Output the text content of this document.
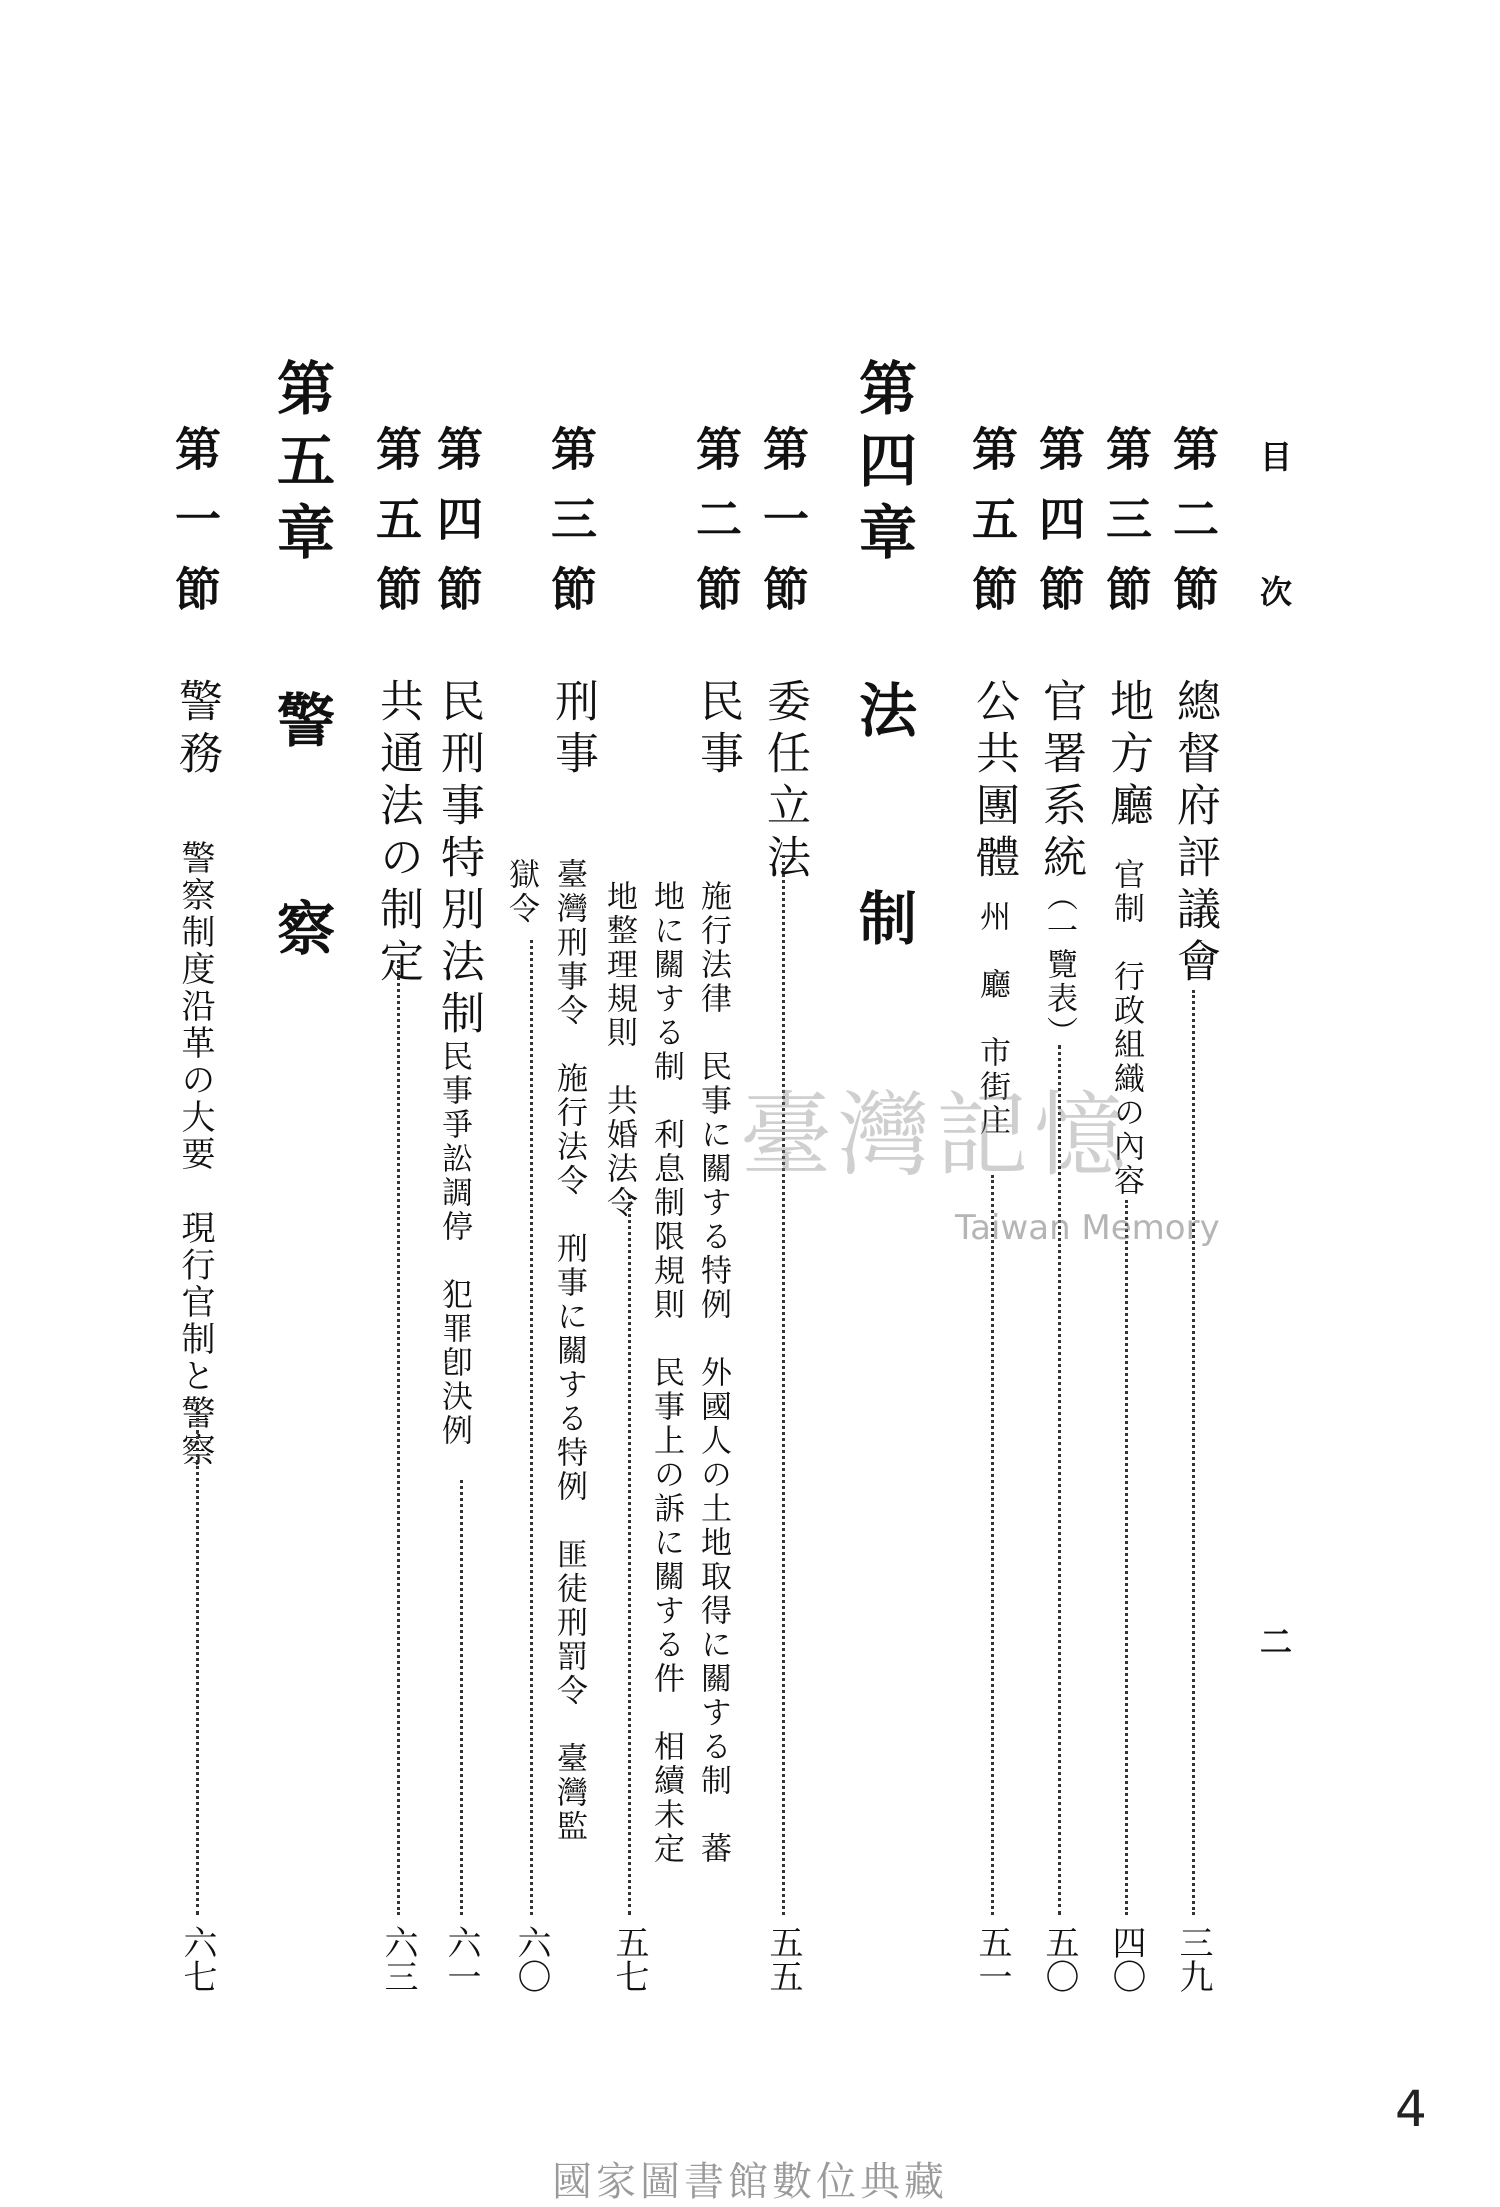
目
次
二
第二節
總督府評議會
三九
第三節
地方廳
官制　行政組織の內容
四〇
第四節
官署系統
（一覽表）
五〇
第五節
公共團體
州　廳　市街庄
五一
第四章
法制
第一節
委任立法
五五
第二節
民事
施行法律　民事に關する特例　外國人の土地取得に關する制　蕃
地に關する制　利息制限規則　民事上の訴に關する件　相續未定
地整理規則　共婚法令
五七
第三節
刑事
臺灣刑事令　施行法令　刑事に關する特例　匪徒刑罰令　臺灣監
獄令
六〇
第四節
民刑事特別法制
民事爭訟調停　犯罪卽決例
六一
第五節
共通法の制定
六三
第五章
警察
第一節
警務
警察制度沿革の大要　現行官制と警察
六七
臺灣記憶
Taiwan Memory
4
國家圖書館數位典藏
